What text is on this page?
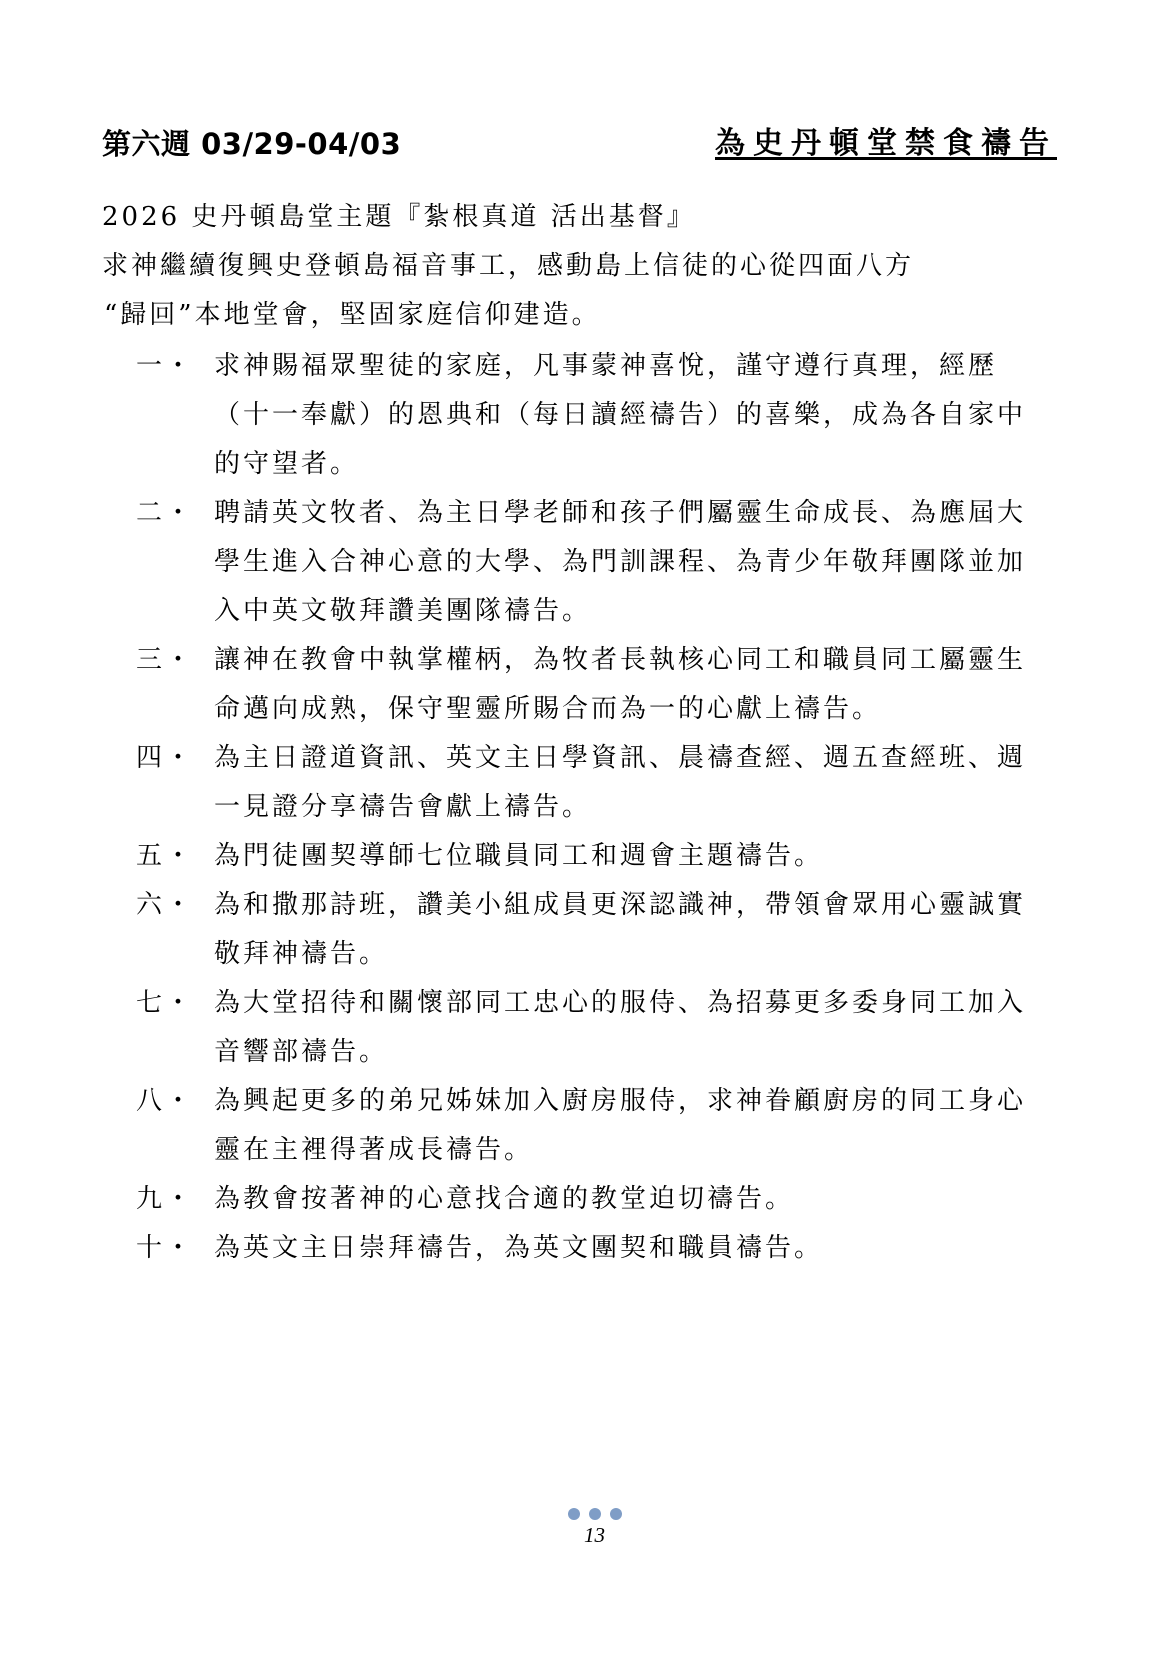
第六週 03/29-04/03	為史丹頓堂禁食禱告

2026 史丹頓島堂主題『紮根真道 活出基督』

求神繼續復興史登頓島福音事工，感動島上信徒的心從四面八方

“歸回”本地堂會，堅固家庭信仰建造。

一・ 求神賜福眾聖徒的家庭，凡事蒙神喜悅，謹守遵行真理，經歷（十一奉獻）的恩典和（每日讀經禱告）的喜樂，成為各自家中的守望者。
二・ 聘請英文牧者、為主日學老師和孩子們屬靈生命成長、為應屆大學生進入合神心意的大學、為門訓課程、為青少年敬拜團隊並加入中英文敬拜讚美團隊禱告。
三・ 讓神在教會中執掌權柄，為牧者長執核心同工和職員同工屬靈生命邁向成熟，保守聖靈所賜合而為一的心獻上禱告。
四・ 為主日證道資訊、英文主日學資訊、晨禱查經、週五查經班、週一見證分享禱告會獻上禱告。
五・ 為門徒團契導師七位職員同工和週會主題禱告。
六・ 為和撒那詩班，讚美小組成員更深認識神，帶領會眾用心靈誠實敬拜神禱告。
七・ 為大堂招待和關懷部同工忠心的服侍、為招募更多委身同工加入音響部禱告。
八・ 為興起更多的弟兄姊妹加入廚房服侍，求神眷顧廚房的同工身心靈在主裡得著成長禱告。
九・ 為教會按著神的心意找合適的教堂迫切禱告。
十・ 為英文主日崇拜禱告，為英文團契和職員禱告。
13
